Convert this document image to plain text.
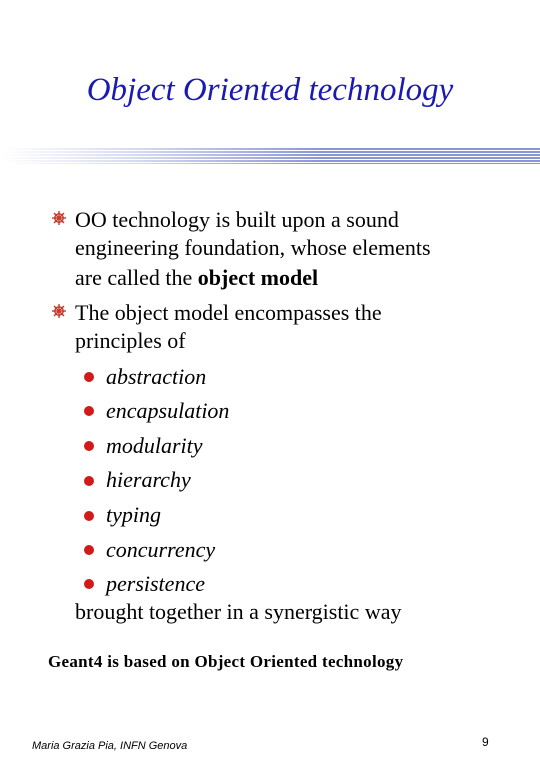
Object Oriented technology
OO technology is built upon a sound
engineering foundation, whose elements
are called the object model
The object model encompasses the
principles of
abstraction
encapsulation
modularity
hierarchy
typing
concurrency
persistence
brought together in a synergistic way
Geant4 is based on Object Oriented technology
Maria Grazia Pia, INFN Genova	9
